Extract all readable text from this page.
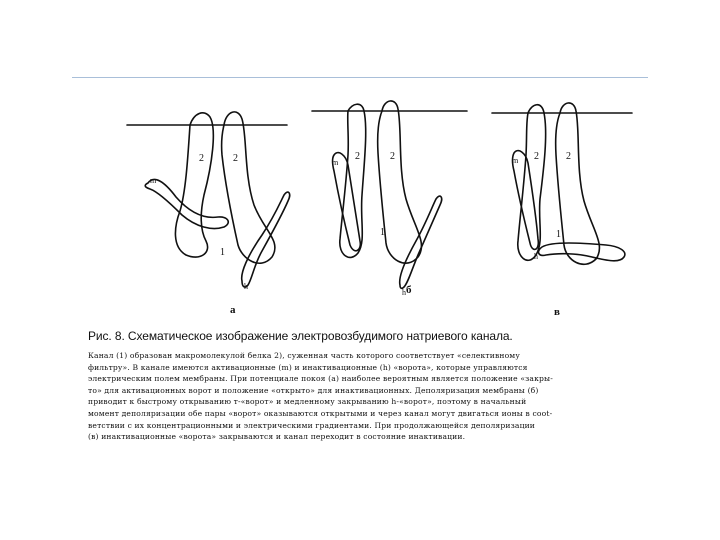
2	2
1
m
h
а
2	2
1
m
h б
2	2
1
m
h
в
Рис. 8. Схематическое изображение электровозбудимого натриевого канала.
Канал (1) образован макромолекулой белка 2), суженная часть которого соответствует «селективному
фильтру». В канале имеются активационные (m) и инактивационные (h) «ворота», которые управляются
электрическим полем мембраны. При потенциале покоя (а) наиболее вероятным является положение «закры-
то» для активационных ворот и положение «открыто» для инактивационных. Деполяризация мембраны (б)
приводит к быстрому открыванию т-«ворот» и медленному закрыванию h-«ворот», поэтому в начальный
момент деполяризации обе пары «ворот» оказываются открытыми и через канал могут двигаться ионы в сoot-
ветствии с их концентрационными и электрическими градиентами. При продолжающейся деполяризации
(в) инактивационные «ворота» закрываются и канал переходит в состояние инактивации.
